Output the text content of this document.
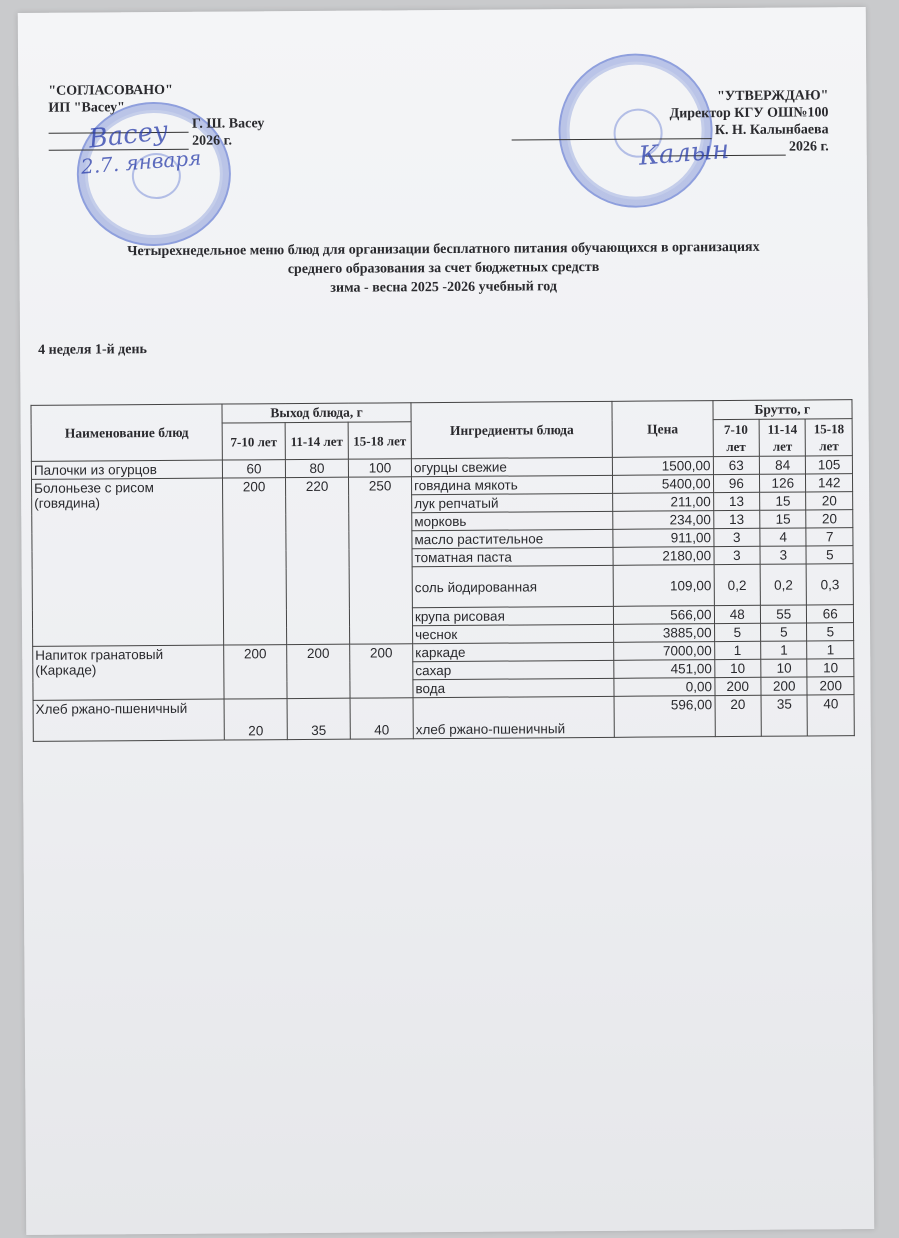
"СОГЛАСОВАНО"
ИП "Васеу"
Г. Ш. Васеу
2026 г.
"УТВЕРЖДАЮ"
Директор КГУ ОШ№100
К. Н. Калынбаева
2026 г.
Васеу
2.7. января	Калын
Четырехнедельное меню блюд для организации бесплатного питания обучающихся в организациях
среднего образования за счет бюджетных средств
зима - весна 2025 -2026 учебный год
4 неделя 1-й день
Наименование блюд	Выход блюда, г			Ингредиенты блюда	Цена	Брутто, г		
	7-10 лет	11-14 лет	15-18 лет			7-10 лет	11-14 лет	15-18 лет
Палочки из огурцов	60	80	100	огурцы свежие	1500,00	63	84	105
Болоньезе с рисом (говядина)	200	220	250	говядина мякоть	5400,00	96	126	142
				лук репчатый	211,00	13	15	20
				морковь	234,00	13	15	20
				масло растительное	911,00	3	4	7
				томатная паста	2180,00	3	3	5
				соль йодированная	109,00	0,2	0,2	0,3
				крупа рисовая	566,00	48	55	66
				чеснок	3885,00	5	5	5
Напиток гранатовый (Каркаде)	200	200	200	каркаде	7000,00	1	1	1
				сахар	451,00	10	10	10
				вода	0,00	200	200	200
Хлеб ржано-пшеничный	20	35	40	хлеб ржано-пшеничный	596,00	20	35	40
